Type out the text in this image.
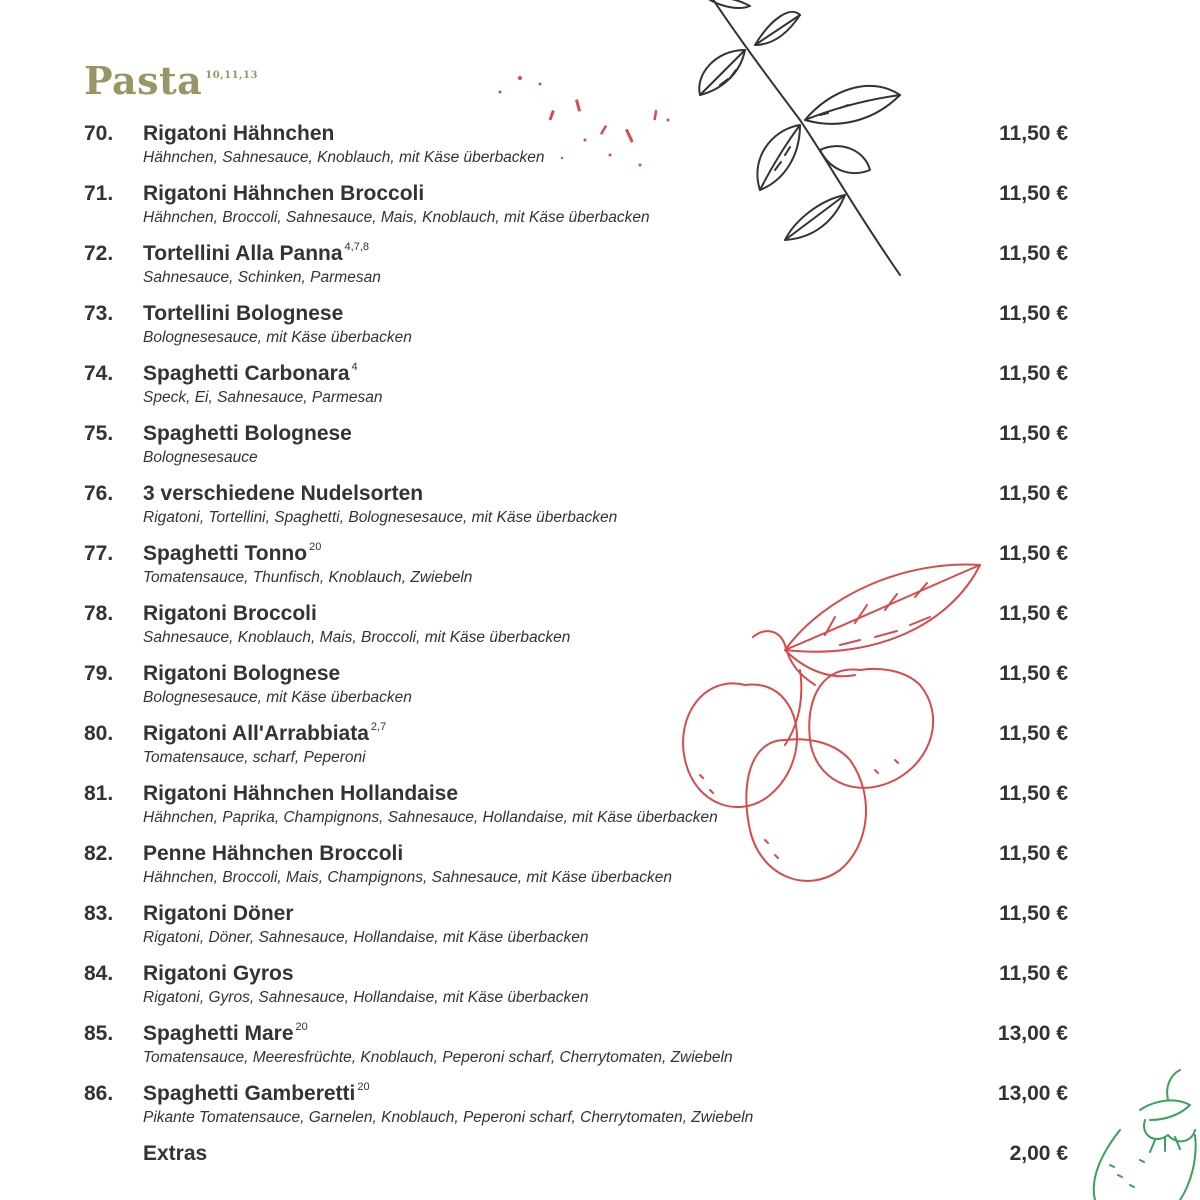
Pasta $^{10,11,13}$
70. Rigatoni Hähnchen
Hähnchen, Sahnesauce, Knoblauch, mit Käse überbacken
11,50 €
71. Rigatoni Hähnchen Broccoli
Hähnchen, Broccoli, Sahnesauce, Mais, Knoblauch, mit Käse überbacken
11,50 €
72. Tortellini Alla Panna $^{4,7,8}$
Sahnesauce, Schinken, Parmesan
11,50 €
73. Tortellini Bolognese
Bolognesesauce, mit Käse überbacken
11,50 €
74. Spaghetti Carbonara $^4$
Speck, Ei, Sahnesauce, Parmesan
11,50 €
75. Spaghetti Bolognese
Bolognesesauce
11,50 €
76. 3 verschiedene Nudelsorten
Rigatoni, Tortellini, Spaghetti, Bolognesesauce, mit Käse überbacken
11,50 €
77. Spaghetti Tonno $^{20}$
Tomatensauce, Thunfisch, Knoblauch, Zwiebeln
11,50 €
78. Rigatoni Broccoli
Sahnesauce, Knoblauch, Mais, Broccoli, mit Käse überbacken
11,50 €
79. Rigatoni Bolognese
Bolognesesauce, mit Käse überbacken
11,50 €
80. Rigatoni All'Arrabbiata $^{2,7}$
Tomatensauce, scharf, Peperoni
11,50 €
81. Rigatoni Hähnchen Hollandaise
Hähnchen, Paprika, Champignons, Sahnesauce, Hollandaise, mit Käse überbacken
11,50 €
82. Penne Hähnchen Broccoli
Hähnchen, Broccoli, Mais, Champignons, Sahnesauce, mit Käse überbacken
11,50 €
83. Rigatoni Döner
Rigatoni, Döner, Sahnesauce, Hollandaise, mit Käse überbacken
11,50 €
84. Rigatoni Gyros
Rigatoni, Gyros, Sahnesauce, Hollandaise, mit Käse überbacken
11,50 €
85. Spaghetti Mare $^{20}$
Tomatensauce, Meeresfrüchte, Knoblauch, Peperoni scharf, Cherrytomaten, Zwiebeln
13,00 €
86. Spaghetti Gamberetti $^{20}$
Pikante Tomatensauce, Garnelen, Knoblauch, Peperoni scharf, Cherrytomaten, Zwiebeln
13,00 €
Extras	2,00 €
